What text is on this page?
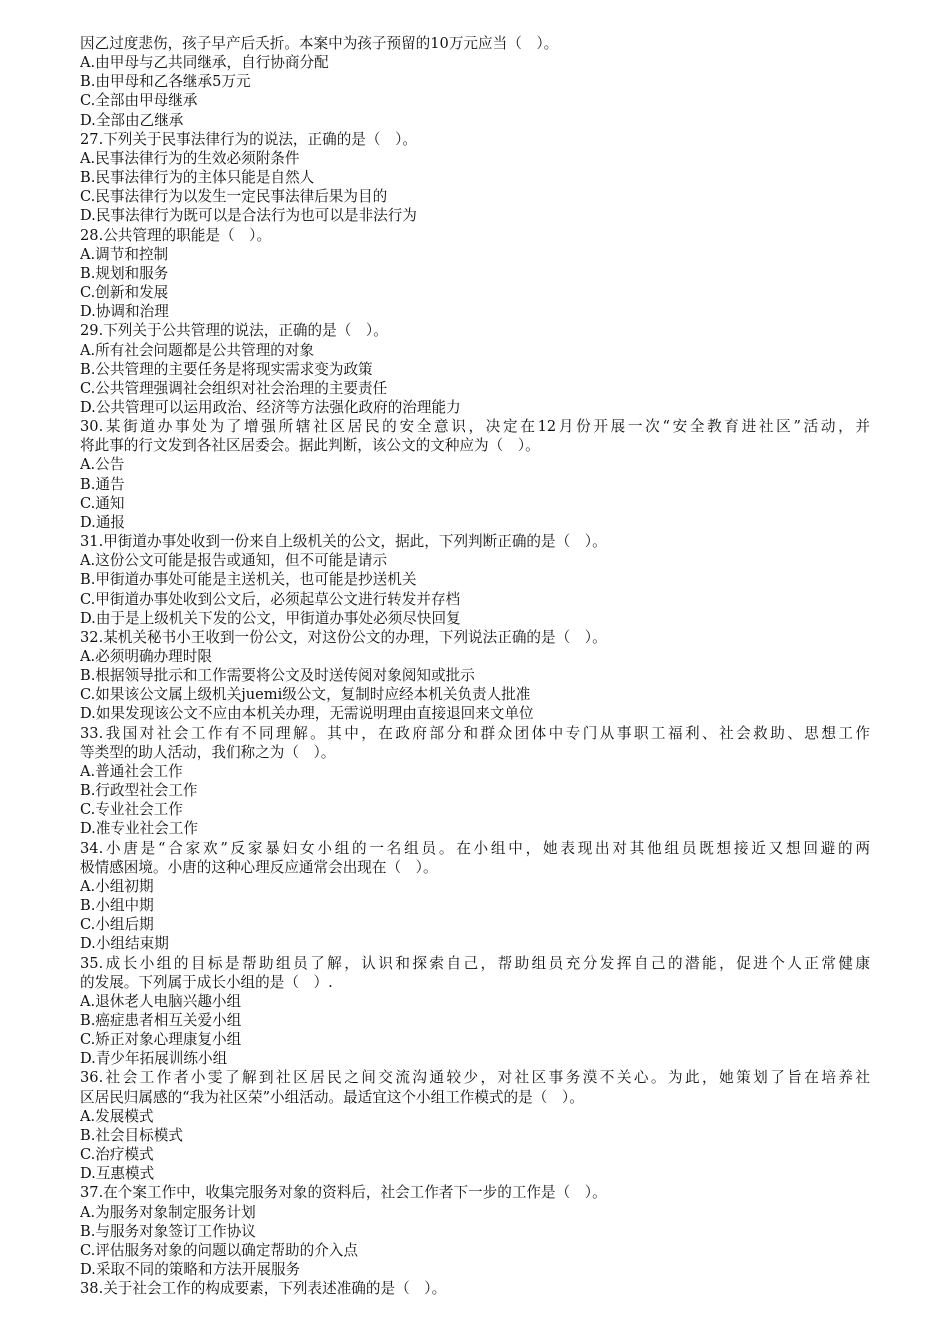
因乙过度悲伤，孩子早产后夭折。本案中为孩子预留的10万元应当（　）。
A.由甲母与乙共同继承，自行协商分配
B.由甲母和乙各继承5万元
C.全部由甲母继承
D.全部由乙继承
27.下列关于民事法律行为的说法，正确的是（　）。
A.民事法律行为的生效必须附条件
B.民事法律行为的主体只能是自然人
C.民事法律行为以发生一定民事法律后果为目的
D.民事法律行为既可以是合法行为也可以是非法行为
28.公共管理的职能是（　）。
A.调节和控制
B.规划和服务
C.创新和发展
D.协调和治理
29.下列关于公共管理的说法，正确的是（　）。
A.所有社会问题都是公共管理的对象
B.公共管理的主要任务是将现实需求变为政策
C.公共管理强调社会组织对社会治理的主要责任
D.公共管理可以运用政治、经济等方法强化政府的治理能力
30.某街道办事处为了增强所辖社区居民的安全意识，决定在12月份开展一次“安全教育进社区”活动，并
将此事的行文发到各社区居委会。据此判断，该公文的文种应为（　）。
A.公告
B.通告
C.通知
D.通报
31.甲街道办事处收到一份来自上级机关的公文，据此，下列判断正确的是（　）。
A.这份公文可能是报告或通知，但不可能是请示
B.甲街道办事处可能是主送机关，也可能是抄送机关
C.甲街道办事处收到公文后，必须起草公文进行转发并存档
D.由于是上级机关下发的公文，甲街道办事处必须尽快回复
32.某机关秘书小王收到一份公文，对这份公文的办理，下列说法正确的是（　）。
A.必须明确办理时限
B.根据领导批示和工作需要将公文及时送传阅对象阅知或批示
C.如果该公文属上级机关juemi级公文，复制时应经本机关负责人批准
D.如果发现该公文不应由本机关办理，无需说明理由直接退回来文单位
33.我国对社会工作有不同理解。其中，在政府部分和群众团体中专门从事职工福利、社会救助、思想工作
等类型的助人活动，我们称之为（　）。
A.普通社会工作
B.行政型社会工作
C.专业社会工作
D.准专业社会工作
34.小唐是“合家欢”反家暴妇女小组的一名组员。在小组中，她表现出对其他组员既想接近又想回避的两
极情感困境。小唐的这种心理反应通常会出现在（　）。
A.小组初期
B.小组中期
C.小组后期
D.小组结束期
35.成长小组的目标是帮助组员了解，认识和探索自己，帮助组员充分发挥自己的潜能，促进个人正常健康
的发展。下列属于成长小组的是（　）.
A.退休老人电脑兴趣小组
B.癌症患者相互关爱小组
C.矫正对象心理康复小组
D.青少年拓展训练小组
36.社会工作者小雯了解到社区居民之间交流沟通较少，对社区事务漠不关心。为此，她策划了旨在培养社
区居民归属感的“我为社区荣”小组活动。最适宜这个小组工作模式的是（　）。
A.发展模式
B.社会目标模式
C.治疗模式
D.互惠模式
37.在个案工作中，收集完服务对象的资料后，社会工作者下一步的工作是（　）。
A.为服务对象制定服务计划
B.与服务对象签订工作协议
C.评估服务对象的问题以确定帮助的介入点
D.采取不同的策略和方法开展服务
38.关于社会工作的构成要素，下列表述准确的是（　）。
